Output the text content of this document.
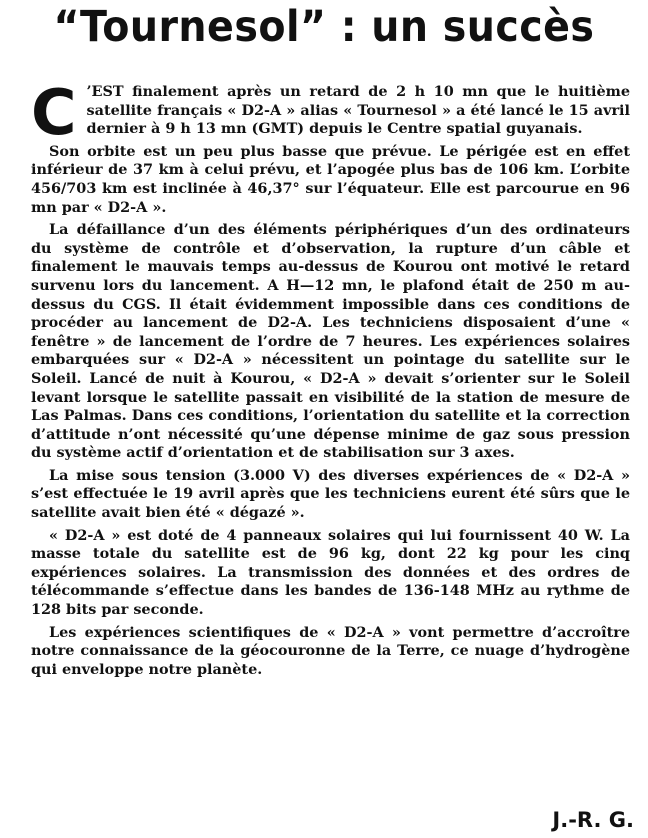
“Tournesol” : un succès

C ’EST finalement après un retard de 2 h 10 mn que le huitième satellite français « D2-A » alias « Tournesol » a été lancé le 15 avril dernier à 9 h 13 mn (GMT) depuis le Centre spatial guyanais.

Son orbite est un peu plus basse que prévue. Le périgée est en effet inférieur de 37 km à celui prévu, et l’apogée plus bas de 106 km. L’orbite 456/703 km est inclinée à 46,37° sur l’équateur. Elle est parcourue en 96 mn par « D2-A ».

La défaillance d’un des éléments périphériques d’un des ordinateurs du système de contrôle et d’observation, la rupture d’un câble et finalement le mauvais temps au-dessus de Kourou ont motivé le retard survenu lors du lancement. A H—12 mn, le plafond était de 250 m au-dessus du CGS. Il était évidemment impossible dans ces conditions de procéder au lancement de D2-A. Les techniciens disposaient d’une « fenêtre » de lancement de l’ordre de 7 heures. Les expériences solaires embarquées sur « D2-A » nécessitent un pointage du satellite sur le Soleil. Lancé de nuit à Kourou, « D2-A » devait s’orienter sur le Soleil levant lorsque le satellite passait en visibilité de la station de mesure de Las Palmas. Dans ces conditions, l’orientation du satellite et la correction d’attitude n’ont nécessité qu’une dépense minime de gaz sous pression du système actif d’orientation et de stabilisation sur 3 axes.

La mise sous tension (3.000 V) des diverses expériences de « D2-A » s’est effectuée le 19 avril après que les techniciens eurent été sûrs que le satellite avait bien été « dégazé ».

« D2-A » est doté de 4 panneaux solaires qui lui fournissent 40 W. La masse totale du satellite est de 96 kg, dont 22 kg pour les cinq expériences solaires. La transmission des données et des ordres de télécommande s’effectue dans les bandes de 136-148 MHz au rythme de 128 bits par seconde.

Les expériences scientifiques de « D2-A » vont permettre d’accroître notre connaissance de la géocouronne de la Terre, ce nuage d’hydrogène qui enveloppe notre planète.

J.-R. G.
